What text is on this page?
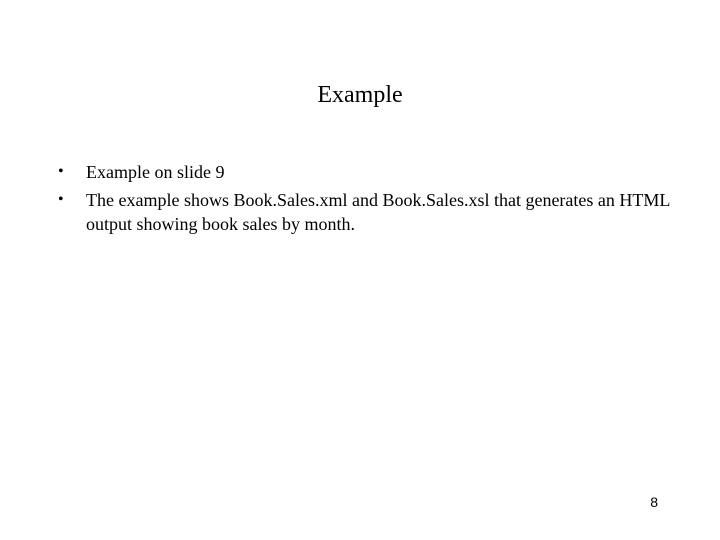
Example
• Example on slide 9
• The example shows Book.Sales.xml and Book.Sales.xsl that generates an HTML output showing book sales by month.
8
